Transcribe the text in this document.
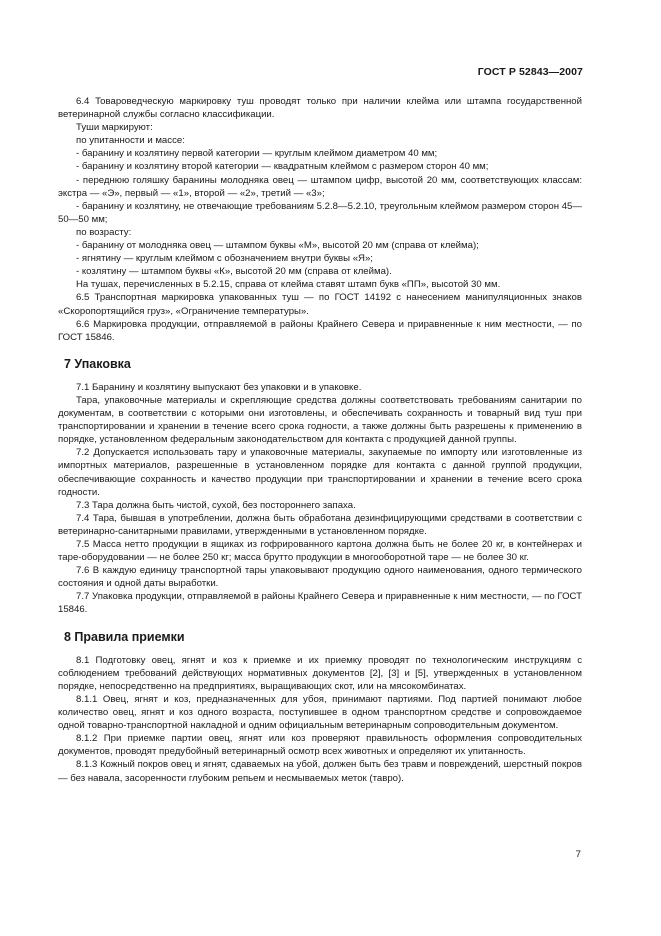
ГОСТ Р 52843—2007

6.4 Товароведческую маркировку туш проводят только при наличии клейма или штампа государственной ветеринарной службы согласно классификации.

Туши маркируют:

по упитанности и массе:

- баранину и козлятину первой категории — круглым клеймом диаметром 40 мм;

- баранину и козлятину второй категории — квадратным клеймом с размером сторон 40 мм;

- переднюю голяшку баранины молодняка овец — штампом цифр, высотой 20 мм, соответствующих классам: экстра — «Э», первый — «1», второй — «2», третий — «3»;

- баранину и козлятину, не отвечающие требованиям 5.2.8—5.2.10, треугольным клеймом размером сторон 45—50—50 мм;

по возрасту:

- баранину от молодняка овец — штампом буквы «М», высотой 20 мм (справа от клейма);

- ягнятину — круглым клеймом с обозначением внутри буквы «Я»;

- козлятину — штампом буквы «К», высотой 20 мм (справа от клейма).

На тушах, перечисленных в 5.2.15, справа от клейма ставят штамп букв «ПП», высотой 30 мм.

6.5 Транспортная маркировка упакованных туш — по ГОСТ 14192 с нанесением манипуляционных знаков «Скоропортящийся груз», «Ограничение температуры».

6.6 Маркировка продукции, отправляемой в районы Крайнего Севера и приравненные к ним местности, — по ГОСТ 15846.

7 Упаковка

7.1 Баранину и козлятину выпускают без упаковки и в упаковке.

Тара, упаковочные материалы и скрепляющие средства должны соответствовать требованиям санитарии по документам, в соответствии с которыми они изготовлены, и обеспечивать сохранность и товарный вид туш при транспортировании и хранении в течение всего срока годности, а также должны быть разрешены к применению в порядке, установленном федеральным законодательством для контакта с продукцией данной группы.

7.2 Допускается использовать тару и упаковочные материалы, закупаемые по импорту или изготовленные из импортных материалов, разрешенные в установленном порядке для контакта с данной группой продукции, обеспечивающие сохранность и качество продукции при транспортировании и хранении в течение всего срока годности.

7.3 Тара должна быть чистой, сухой, без постороннего запаха.

7.4 Тара, бывшая в употреблении, должна быть обработана дезинфицирующими средствами в соответствии с ветеринарно-санитарными правилами, утвержденными в установленном порядке.

7.5 Масса нетто продукции в ящиках из гофрированного картона должна быть не более 20 кг, в контейнерах и таре-оборудовании — не более 250 кг; масса брутто продукции в многооборотной таре — не более 30 кг.

7.6 В каждую единицу транспортной тары упаковывают продукцию одного наименования, одного термического состояния и одной даты выработки.

7.7 Упаковка продукции, отправляемой в районы Крайнего Севера и приравненные к ним местности, — по ГОСТ 15846.

8 Правила приемки

8.1 Подготовку овец, ягнят и коз к приемке и их приемку проводят по технологическим инструкциям с соблюдением требований действующих нормативных документов [2], [3] и [5], утвержденных в установленном порядке, непосредственно на предприятиях, выращивающих скот, или на мясокомбинатах.

8.1.1 Овец, ягнят и коз, предназначенных для убоя, принимают партиями. Под партией понимают любое количество овец, ягнят и коз одного возраста, поступившее в одном транспортном средстве и сопровождаемое одной товарно-транспортной накладной и одним официальным ветеринарным сопроводительным документом.

8.1.2 При приемке партии овец, ягнят или коз проверяют правильность оформления сопроводительных документов, проводят предубойный ветеринарный осмотр всех животных и определяют их упитанность.

8.1.3 Кожный покров овец и ягнят, сдаваемых на убой, должен быть без травм и повреждений, шерстный покров — без навала, засоренности глубоким репьем и несмываемых меток (тавро).

7
